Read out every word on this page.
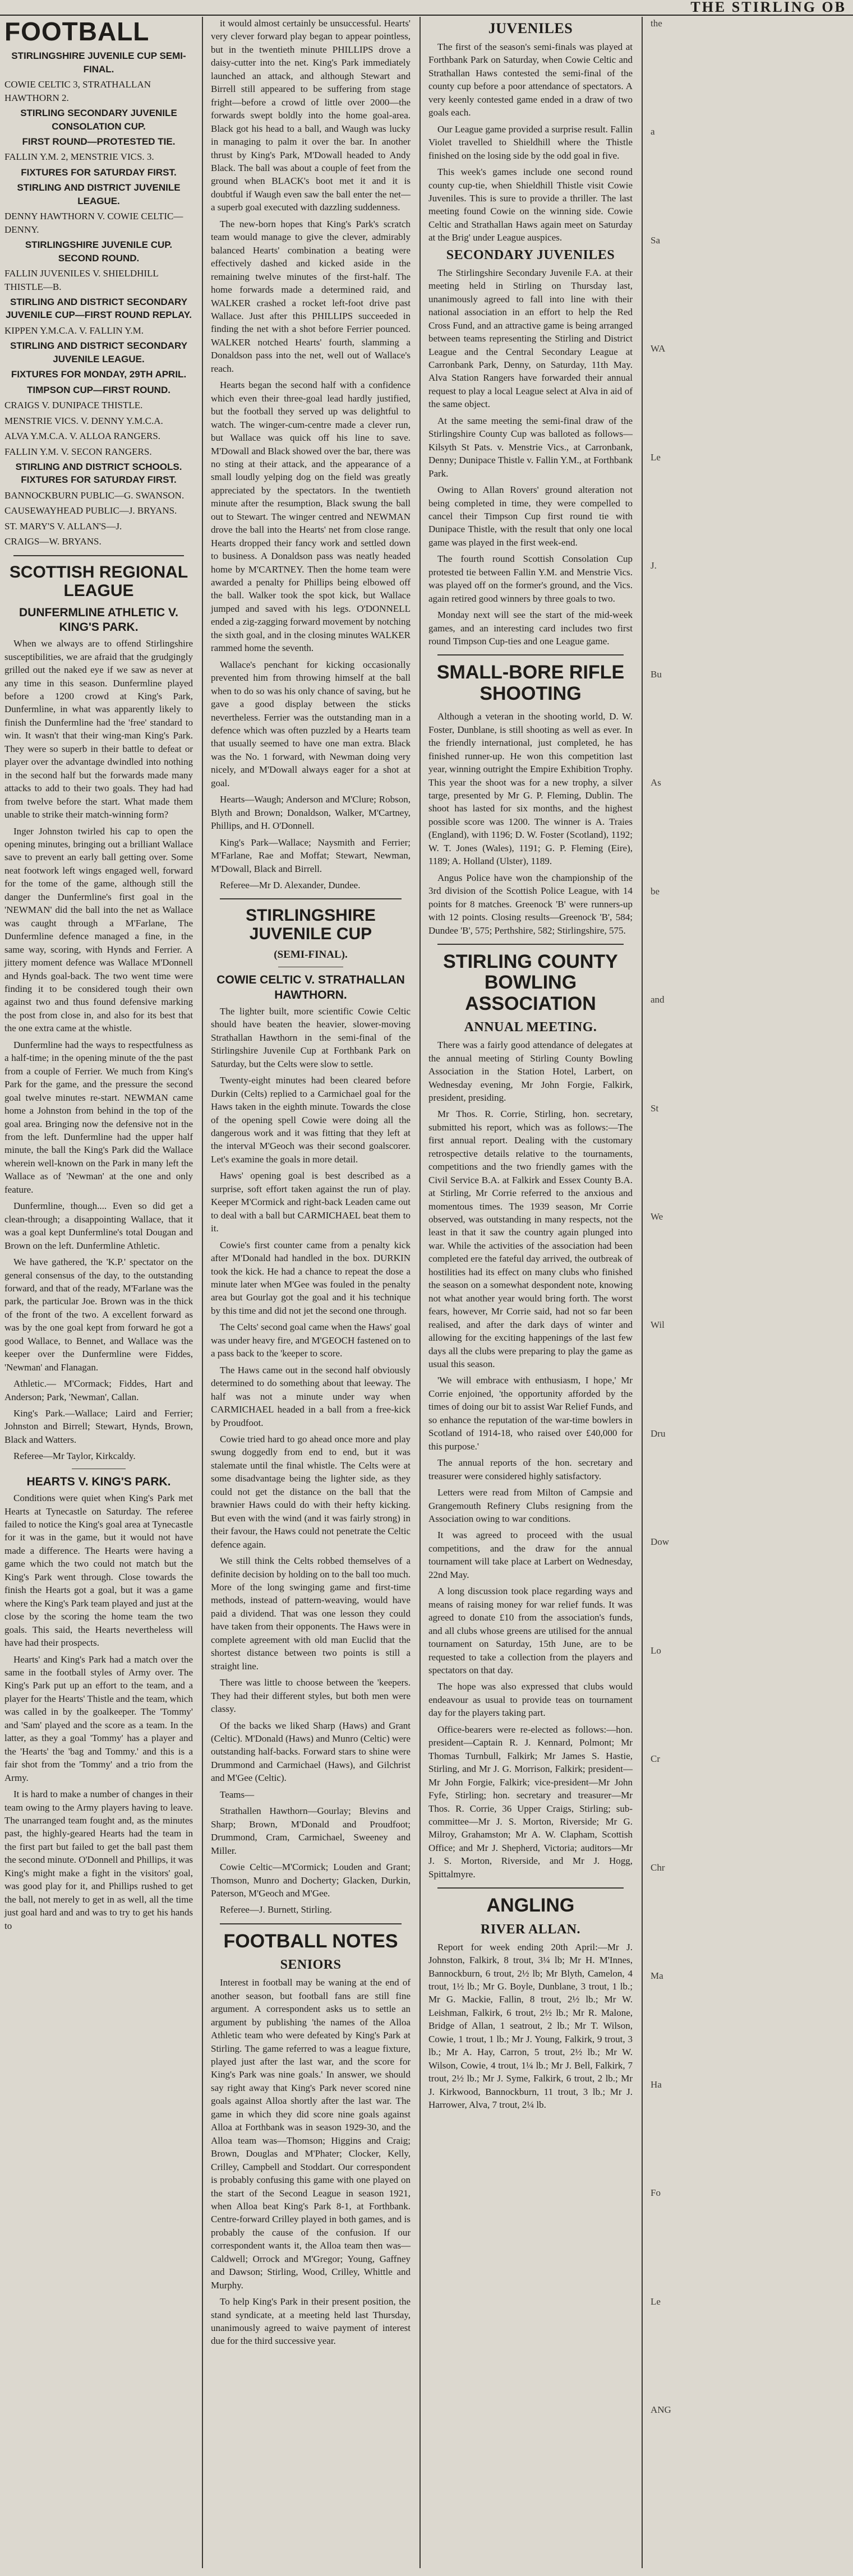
THE STIRLING OB
FOOTBALL

STIRLINGSHIRE JUVENILE CUP SEMI-FINAL.

COWIE CELTIC 3, STRATHALLAN HAWTHORN 2.

STIRLING SECONDARY JUVENILE CONSOLATION CUP.

FIRST ROUND—PROTESTED TIE.

FALLIN Y.M. 2, MENSTRIE VICS. 3.

FIXTURES FOR SATURDAY FIRST.

STIRLING AND DISTRICT JUVENILE LEAGUE.

DENNY HAWTHORN V. COWIE CELTIC—DENNY.

STIRLINGSHIRE JUVENILE CUP. SECOND ROUND.

FALLIN JUVENILES V. SHIELDHILL THISTLE—B.

STIRLING AND DISTRICT SECONDARY JUVENILE CUP—FIRST ROUND REPLAY.

KIPPEN Y.M.C.A. V. FALLIN Y.M.

STIRLING AND DISTRICT SECONDARY JUVENILE LEAGUE.

FIXTURES FOR MONDAY, 29TH APRIL.

TIMPSON CUP—FIRST ROUND.

CRAIGS V. DUNIPACE THISTLE.

MENSTRIE VICS. V. DENNY Y.M.C.A.

ALVA Y.M.C.A. V. ALLOA RANGERS.

FALLIN Y.M. V. SECON RANGERS.

STIRLING AND DISTRICT SCHOOLS. FIXTURES FOR SATURDAY FIRST.

BANNOCKBURN PUBLIC—G. SWANSON.

CAUSEWAYHEAD PUBLIC—J. BRYANS.

ST. MARY'S V. ALLAN'S—J.

CRAIGS—W. BRYANS.

SCOTTISH REGIONAL LEAGUE
DUNFERMLINE ATHLETIC V. KING'S PARK.

When we always are to offend Stirlingshire susceptibilities, we are afraid that the grudgingly grilled out the naked eye if we saw as never at any time in this season. Dunfermline played before a 1200 crowd at King's Park, Dunfermline, in what was apparently likely to finish the Dunfermline had the 'free' standard to win. It wasn't that their wing-man King's Park. They were so superb in their battle to defeat or player over the advantage dwindled into nothing in the second half but the forwards made many attacks to add to their two goals. They had had from twelve before the start. What made them unable to strike their match-winning form?

Inger Johnston twirled his cap to open the opening minutes, bringing out a brilliant Wallace save to prevent an early ball getting over. Some neat footwork left wings engaged well, forward for the tome of the game, although still the danger the Dunfermline's first goal in the 'NEWMAN' did the ball into the net as Wallace was caught through a M'Farlane, The Dunfermline defence managed a fine, in the same way, scoring, with Hynds and Ferrier. A jittery moment defence was Wallace M'Donnell and Hynds goal-back. The two went time were finding it to be considered tough their own against two and thus found defensive marking the post from close in, and also for its best that the one extra came at the whistle.

Dunfermline had the ways to respectfulness as a half-time; in the opening minute of the the past from a couple of Ferrier. We much from King's Park for the game, and the pressure the second goal twelve minutes re-start. NEWMAN came home a Johnston from behind in the top of the goal area. Bringing now the defensive not in the from the left. Dunfermline had the upper half minute, the ball the King's Park did the Wallace wherein well-known on the Park in many left the Wallace as of 'Newman' at the one and only feature.

Dunfermline, though.... Even so did get a clean-through; a disappointing Wallace, that it was a goal kept Dunfermline's total Dougan and Brown on the left. Dunfermline Athletic.

We have gathered, the 'K.P.' spectator on the general consensus of the day, to the outstanding forward, and that of the ready, M'Farlane was the park, the particular Joe. Brown was in the thick of the front of the two. A excellent forward as was by the one goal kept from forward he got a good Wallace, to Bennet, and Wallace was the keeper over the Dunfermline were Fiddes, 'Newman' and Flanagan.

Athletic.— M'Cormack; Fiddes, Hart and Anderson; Park, 'Newman', Callan.

King's Park.—Wallace; Laird and Ferrier; Johnston and Birrell; Stewart, Hynds, Brown, Black and Watters.

Referee—Mr Taylor, Kirkcaldy.

HEARTS V. KING'S PARK.

Conditions were quiet when King's Park met Hearts at Tynecastle on Saturday. The referee failed to notice the King's goal area at Tynecastle for it was in the game, but it would not have made a difference. The Hearts were having a game which the two could not match but the King's Park went through. Close towards the finish the Hearts got a goal, but it was a game where the King's Park team played and just at the close by the scoring the home team the two goals. This said, the Hearts nevertheless will have had their prospects.

Hearts' and King's Park had a match over the same in the football styles of Army over. The King's Park put up an effort to the team, and a player for the Hearts' Thistle and the team, which was called in by the goalkeeper. The 'Tommy' and 'Sam' played and the score as a team. In the latter, as they a goal 'Tommy' has a player and the 'Hearts' the 'bag and Tommy.' and this is a fair shot from the 'Tommy' and a trio from the Army.

It is hard to make a number of changes in their team owing to the Army players having to leave. The unarranged team fought and, as the minutes past, the highly-geared Hearts had the team in the first part but failed to get the ball past them the second minute. O'Donnell and Phillips, it was King's might make a fight in the visitors' goal, was good play for it, and Phillips rushed to get the ball, not merely to get in as well, all the time just goal hard and and was to try to get his hands to

it would almost certainly be unsuccessful. Hearts' very clever forward play began to appear pointless, but in the twentieth minute PHILLIPS drove a daisy-cutter into the net. King's Park immediately launched an attack, and although Stewart and Birrell still appeared to be suffering from stage fright—before a crowd of little over 2000—the forwards swept boldly into the home goal-area. Black got his head to a ball, and Waugh was lucky in managing to palm it over the bar. In another thrust by King's Park, M'Dowall headed to Andy Black. The ball was about a couple of feet from the ground when BLACK's boot met it and it is doubtful if Waugh even saw the ball enter the net—a superb goal executed with dazzling suddenness.

The new-born hopes that King's Park's scratch team would manage to give the clever, admirably balanced Hearts' combination a beating were effectively dashed and kicked aside in the remaining twelve minutes of the first-half. The home forwards made a determined raid, and WALKER crashed a rocket left-foot drive past Wallace. Just after this PHILLIPS succeeded in finding the net with a shot before Ferrier pounced. WALKER notched Hearts' fourth, slamming a Donaldson pass into the net, well out of Wallace's reach.

Hearts began the second half with a confidence which even their three-goal lead hardly justified, but the football they served up was delightful to watch. The winger-cum-centre made a clever run, but Wallace was quick off his line to save. M'Dowall and Black showed over the bar, there was no sting at their attack, and the appearance of a small loudly yelping dog on the field was greatly appreciated by the spectators. In the twentieth minute after the resumption, Black swung the ball out to Stewart. The winger centred and NEWMAN drove the ball into the Hearts' net from close range. Hearts dropped their fancy work and settled down to business. A Donaldson pass was neatly headed home by M'CARTNEY. Then the home team were awarded a penalty for Phillips being elbowed off the ball. Walker took the spot kick, but Wallace jumped and saved with his legs. O'DONNELL ended a zig-zagging forward movement by notching the sixth goal, and in the closing minutes WALKER rammed home the seventh.

Wallace's penchant for kicking occasionally prevented him from throwing himself at the ball when to do so was his only chance of saving, but he gave a good display between the sticks nevertheless. Ferrier was the outstanding man in a defence which was often puzzled by a Hearts team that usually seemed to have one man extra. Black was the No. 1 forward, with Newman doing very nicely, and M'Dowall always eager for a shot at goal.

Hearts—Waugh; Anderson and M'Clure; Robson, Blyth and Brown; Donaldson, Walker, M'Cartney, Phillips, and H. O'Donnell.

King's Park—Wallace; Naysmith and Ferrier; M'Farlane, Rae and Moffat; Stewart, Newman, M'Dowall, Black and Birrell.

Referee—Mr D. Alexander, Dundee.

STIRLINGSHIRE JUVENILE CUP
(SEMI-FINAL).
COWIE CELTIC V. STRATHALLAN HAWTHORN.

The lighter built, more scientific Cowie Celtic should have beaten the heavier, slower-moving Strathallan Hawthorn in the semi-final of the Stirlingshire Juvenile Cup at Forthbank Park on Saturday, but the Celts were slow to settle.

Twenty-eight minutes had been cleared before Durkin (Celts) replied to a Carmichael goal for the Haws taken in the eighth minute. Towards the close of the opening spell Cowie were doing all the dangerous work and it was fitting that they left at the interval M'Geoch was their second goalscorer. Let's examine the goals in more detail.

Haws' opening goal is best described as a surprise, soft effort taken against the run of play. Keeper M'Cormick and right-back Leaden came out to deal with a ball but CARMICHAEL beat them to it.

Cowie's first counter came from a penalty kick after M'Donald had handled in the box. DURKIN took the kick. He had a chance to repeat the dose a minute later when M'Gee was fouled in the penalty area but Gourlay got the goal and it his technique by this time and did not jet the second one through.

The Celts' second goal came when the Haws' goal was under heavy fire, and M'GEOCH fastened on to a pass back to the 'keeper to score.

The Haws came out in the second half obviously determined to do something about that leeway. The half was not a minute under way when CARMICHAEL headed in a ball from a free-kick by Proudfoot.

Cowie tried hard to go ahead once more and play swung doggedly from end to end, but it was stalemate until the final whistle. The Celts were at some disadvantage being the lighter side, as they could not get the distance on the ball that the brawnier Haws could do with their hefty kicking. But even with the wind (and it was fairly strong) in their favour, the Haws could not penetrate the Celtic defence again.

We still think the Celts robbed themselves of a definite decision by holding on to the ball too much. More of the long swinging game and first-time methods, instead of pattern-weaving, would have paid a dividend. That was one lesson they could have taken from their opponents. The Haws were in complete agreement with old man Euclid that the shortest distance between two points is still a straight line.

There was little to choose between the 'keepers. They had their different styles, but both men were classy.

Of the backs we liked Sharp (Haws) and Grant (Celtic). M'Donald (Haws) and Munro (Celtic) were outstanding half-backs. Forward stars to shine were Drummond and Carmichael (Haws), and Gilchrist and M'Gee (Celtic).

Teams—

Strathallen Hawthorn—Gourlay; Blevins and Sharp; Brown, M'Donald and Proudfoot; Drummond, Cram, Carmichael, Sweeney and Miller.

Cowie Celtic—M'Cormick; Louden and Grant; Thomson, Munro and Docherty; Glacken, Durkin, Paterson, M'Geoch and M'Gee.

Referee—J. Burnett, Stirling.

FOOTBALL NOTES
SENIORS

Interest in football may be waning at the end of another season, but football fans are still fine argument. A correspondent asks us to settle an argument by publishing 'the names of the Alloa Athletic team who were defeated by King's Park at Stirling. The game referred to was a league fixture, played just after the last war, and the score for King's Park was nine goals.' In answer, we should say right away that King's Park never scored nine goals against Alloa shortly after the last war. The game in which they did score nine goals against Alloa at Forthbank was in season 1929-30, and the Alloa team was—Thomson; Higgins and Craig; Brown, Douglas and M'Phater; Clocker, Kelly, Crilley, Campbell and Stoddart. Our correspondent is probably confusing this game with one played on the start of the Second League in season 1921, when Alloa beat King's Park 8-1, at Forthbank. Centre-forward Crilley played in both games, and is probably the cause of the confusion. If our correspondent wants it, the Alloa team then was—Caldwell; Orrock and M'Gregor; Young, Gaffney and Dawson; Stirling, Wood, Crilley, Whittle and Murphy.

To help King's Park in their present position, the stand syndicate, at a meeting held last Thursday, unanimously agreed to waive payment of interest due for the third successive year.

JUVENILES

The first of the season's semi-finals was played at Forthbank Park on Saturday, when Cowie Celtic and Strathallan Haws contested the semi-final of the county cup before a poor attendance of spectators. A very keenly contested game ended in a draw of two goals each.

Our League game provided a surprise result. Fallin Violet travelled to Shieldhill where the Thistle finished on the losing side by the odd goal in five.

This week's games include one second round county cup-tie, when Shieldhill Thistle visit Cowie Juveniles. This is sure to provide a thriller. The last meeting found Cowie on the winning side. Cowie Celtic and Strathallan Haws again meet on Saturday at the Brig' under League auspices.

SECONDARY JUVENILES

The Stirlingshire Secondary Juvenile F.A. at their meeting held in Stirling on Thursday last, unanimously agreed to fall into line with their national association in an effort to help the Red Cross Fund, and an attractive game is being arranged between teams representing the Stirling and District League and the Central Secondary League at Carronbank Park, Denny, on Saturday, 11th May. Alva Station Rangers have forwarded their annual request to play a local League select at Alva in aid of the same object.

At the same meeting the semi-final draw of the Stirlingshire County Cup was balloted as follows—Kilsyth St Pats. v. Menstrie Vics., at Carronbank, Denny; Dunipace Thistle v. Fallin Y.M., at Forthbank Park.

Owing to Allan Rovers' ground alteration not being completed in time, they were compelled to cancel their Timpson Cup first round tie with Dunipace Thistle, with the result that only one local game was played in the first week-end.

The fourth round Scottish Consolation Cup protested tie between Fallin Y.M. and Menstrie Vics. was played off on the former's ground, and the Vics. again retired good winners by three goals to two.

Monday next will see the start of the mid-week games, and an interesting card includes two first round Timpson Cup-ties and one League game.

SMALL-BORE RIFLE SHOOTING

Although a veteran in the shooting world, D. W. Foster, Dunblane, is still shooting as well as ever. In the friendly international, just completed, he has finished runner-up. He won this competition last year, winning outright the Empire Exhibition Trophy. This year the shoot was for a new trophy, a silver targe, presented by Mr G. P. Fleming, Dublin. The shoot has lasted for six months, and the highest possible score was 1200. The winner is A. Traies (England), with 1196; D. W. Foster (Scotland), 1192; W. T. Jones (Wales), 1191; G. P. Fleming (Eire), 1189; A. Holland (Ulster), 1189.

Angus Police have won the championship of the 3rd division of the Scottish Police League, with 14 points for 8 matches. Greenock 'B' were runners-up with 12 points. Closing results—Greenock 'B', 584; Dundee 'B', 575; Perthshire, 582; Stirlingshire, 575.

STIRLING COUNTY BOWLING ASSOCIATION
ANNUAL MEETING.

There was a fairly good attendance of delegates at the annual meeting of Stirling County Bowling Association in the Station Hotel, Larbert, on Wednesday evening, Mr John Forgie, Falkirk, president, presiding.

Mr Thos. R. Corrie, Stirling, hon. secretary, submitted his report, which was as follows:—The first annual report. Dealing with the customary retrospective details relative to the tournaments, competitions and the two friendly games with the Civil Service B.A. at Falkirk and Essex County B.A. at Stirling, Mr Corrie referred to the anxious and momentous times. The 1939 season, Mr Corrie observed, was outstanding in many respects, not the least in that it saw the country again plunged into war. While the activities of the association had been completed ere the fateful day arrived, the outbreak of hostilities had its effect on many clubs who finished the season on a somewhat despondent note, knowing not what another year would bring forth. The worst fears, however, Mr Corrie said, had not so far been realised, and after the dark days of winter and allowing for the exciting happenings of the last few days all the clubs were preparing to play the game as usual this season.

'We will embrace with enthusiasm, I hope,' Mr Corrie enjoined, 'the opportunity afforded by the times of doing our bit to assist War Relief Funds, and so enhance the reputation of the war-time bowlers in Scotland of 1914-18, who raised over £40,000 for this purpose.'

The annual reports of the hon. secretary and treasurer were considered highly satisfactory.

Letters were read from Milton of Campsie and Grangemouth Refinery Clubs resigning from the Association owing to war conditions.

It was agreed to proceed with the usual competitions, and the draw for the annual tournament will take place at Larbert on Wednesday, 22nd May.

A long discussion took place regarding ways and means of raising money for war relief funds. It was agreed to donate £10 from the association's funds, and all clubs whose greens are utilised for the annual tournament on Saturday, 15th June, are to be requested to take a collection from the players and spectators on that day.

The hope was also expressed that clubs would endeavour as usual to provide teas on tournament day for the players taking part.

Office-bearers were re-elected as follows:—hon. president—Captain R. J. Kennard, Polmont; Mr Thomas Turnbull, Falkirk; Mr James S. Hastie, Stirling, and Mr J. G. Morrison, Falkirk; president—Mr John Forgie, Falkirk; vice-president—Mr John Fyfe, Stirling; hon. secretary and treasurer—Mr Thos. R. Corrie, 36 Upper Craigs, Stirling; sub-committee—Mr J. S. Morton, Riverside; Mr G. Milroy, Grahamston; Mr A. W. Clapham, Scottish Office; and Mr J. Shepherd, Victoria; auditors—Mr J. S. Morton, Riverside, and Mr J. Hogg, Spittalmyre.

ANGLING
RIVER ALLAN.

Report for week ending 20th April:—Mr J. Johnston, Falkirk, 8 trout, 3¼ lb; Mr H. M'Innes, Bannockburn, 6 trout, 2½ lb; Mr Blyth, Camelon, 4 trout, 1½ lb.; Mr G. Boyle, Dunblane, 3 trout, 1 lb.; Mr G. Mackie, Fallin, 8 trout, 2½ lb.; Mr W. Leishman, Falkirk, 6 trout, 2½ lb.; Mr R. Malone, Bridge of Allan, 1 seatrout, 2 lb.; Mr T. Wilson, Cowie, 1 trout, 1 lb.; Mr J. Young, Falkirk, 9 trout, 3 lb.; Mr A. Hay, Carron, 5 trout, 2½ lb.; Mr W. Wilson, Cowie, 4 trout, 1¼ lb.; Mr J. Bell, Falkirk, 7 trout, 2½ lb.; Mr J. Syme, Falkirk, 6 trout, 2 lb.; Mr J. Kirkwood, Bannockburn, 11 trout, 3 lb.; Mr J. Harrower, Alva, 7 trout, 2¼ lb.

the
a
Sa
WA
Le
J.
Bu
As
be
and
St
We
Wil
Dru
Dow
Lo
Cr
Chr
Ma
Ha
Fo
Le
ANG
